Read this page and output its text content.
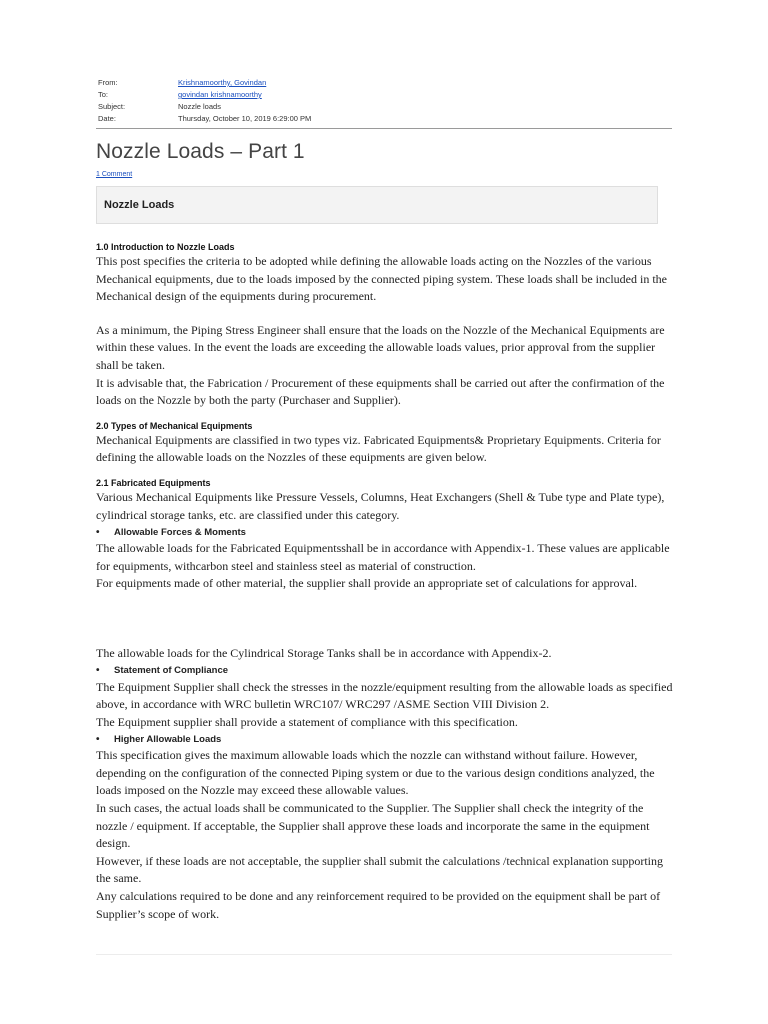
From:	Krishnamoorthy, Govindan
To:	govindan krishnamoorthy
Subject:	Nozzle loads
Date:	Thursday, October 10, 2019 6:29:00 PM
Nozzle Loads – Part 1
1 Comment
Nozzle Loads
1.0 Introduction to Nozzle Loads

This post specifies the criteria to be adopted while defining the allowable loads acting on the Nozzles of the various Mechanical equipments, due to the loads imposed by the connected piping system. These loads shall be included in the Mechanical design of the equipments during procurement.

As a minimum, the Piping Stress Engineer shall ensure that the loads on the Nozzle of the Mechanical Equipments are within these values. In the event the loads are exceeding the allowable loads values, prior approval from the supplier shall be taken.

It is advisable that, the Fabrication / Procurement of these equipments shall be carried out after the confirmation of the loads on the Nozzle by both the party (Purchaser and Supplier).

2.0 Types of Mechanical Equipments

Mechanical Equipments are classified in two types viz. Fabricated Equipments& Proprietary Equipments. Criteria for defining the allowable loads on the Nozzles of these equipments are given below.

2.1 Fabricated Equipments

Various Mechanical Equipments like Pressure Vessels, Columns, Heat Exchangers (Shell & Tube type and Plate type), cylindrical storage tanks, etc. are classified under this category.

•	Allowable Forces & Moments

The allowable loads for the Fabricated Equipmentsshall be in accordance with Appendix-1. These values are applicable for equipments, withcarbon steel and stainless steel as material of construction.

For equipments made of other material, the supplier shall provide an appropriate set of calculations for approval.

The allowable loads for the Cylindrical Storage Tanks shall be in accordance with Appendix-2.

•	Statement of Compliance

The Equipment Supplier shall check the stresses in the nozzle/equipment resulting from the allowable loads as specified above, in accordance with WRC bulletin WRC107/ WRC297 /ASME Section VIII Division 2.

The Equipment supplier shall provide a statement of compliance with this specification.

•	Higher Allowable Loads

This specification gives the maximum allowable loads which the nozzle can withstand without failure. However, depending on the configuration of the connected Piping system or due to the various design conditions analyzed, the loads imposed on the Nozzle may exceed these allowable values.

In such cases, the actual loads shall be communicated to the Supplier. The Supplier shall check the integrity of the nozzle / equipment. If acceptable, the Supplier shall approve these loads and incorporate the same in the equipment design.

However, if these loads are not acceptable, the supplier shall submit the calculations /technical explanation supporting the same.

Any calculations required to be done and any reinforcement required to be provided on the equipment shall be part of Supplier’s scope of work.
